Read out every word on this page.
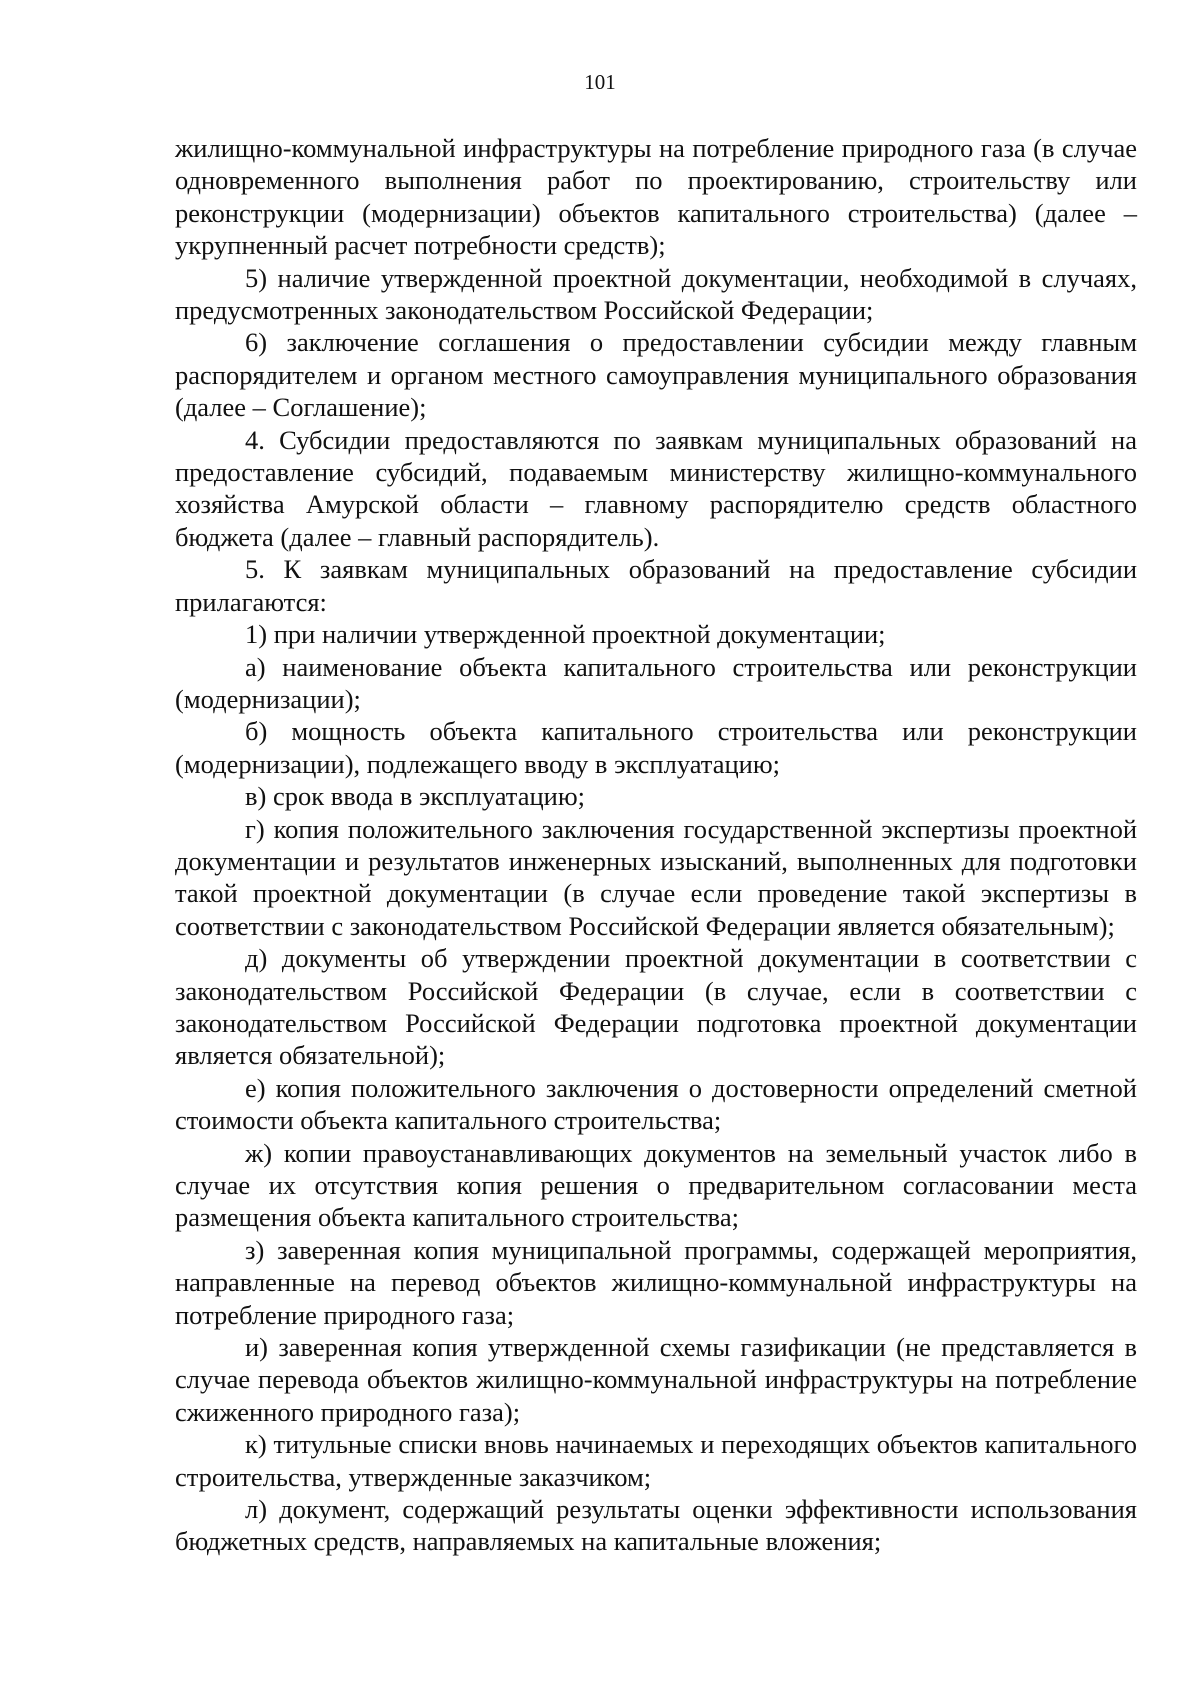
101

жилищно-коммунальной инфраструктуры на потребление природного газа (в случае одновременного выполнения работ по проектированию, строительству или реконструкции (модернизации) объектов капитального строительства) (далее – укрупненный расчет потребности средств);

5) наличие утвержденной проектной документации, необходимой в случаях, предусмотренных законодательством Российской Федерации;

6) заключение соглашения о предоставлении субсидии между главным распорядителем и органом местного самоуправления муниципального образования (далее – Соглашение);

4. Субсидии предоставляются по заявкам муниципальных образований на предоставление субсидий, подаваемым министерству жилищно-коммунального хозяйства Амурской области – главному распорядителю средств областного бюджета (далее – главный распорядитель).

5. К заявкам муниципальных образований на предоставление субсидии прилагаются:

1) при наличии утвержденной проектной документации;

а) наименование объекта капитального строительства или реконструкции (модернизации);

б) мощность объекта капитального строительства или реконструкции (модернизации), подлежащего вводу в эксплуатацию;

в) срок ввода в эксплуатацию;

г) копия положительного заключения государственной экспертизы проектной документации и результатов инженерных изысканий, выполненных для подготовки такой проектной документации (в случае если проведение такой экспертизы в соответствии с законодательством Российской Федерации является обязательным);

д) документы об утверждении проектной документации в соответствии с законодательством Российской Федерации (в случае, если в соответствии с законодательством Российской Федерации подготовка проектной документации является обязательной);

е) копия положительного заключения о достоверности определений сметной стоимости объекта капитального строительства;

ж) копии правоустанавливающих документов на земельный участок либо в случае их отсутствия копия решения о предварительном согласовании места размещения объекта капитального строительства;

з) заверенная копия муниципальной программы, содержащей мероприятия, направленные на перевод объектов жилищно-коммунальной инфраструктуры на потребление природного газа;

и) заверенная копия утвержденной схемы газификации (не представляется в случае перевода объектов жилищно-коммунальной инфраструктуры на потребление сжиженного природного газа);

к) титульные списки вновь начинаемых и переходящих объектов капитального строительства, утвержденные заказчиком;

л) документ, содержащий результаты оценки эффективности использования бюджетных средств, направляемых на капитальные вложения;
